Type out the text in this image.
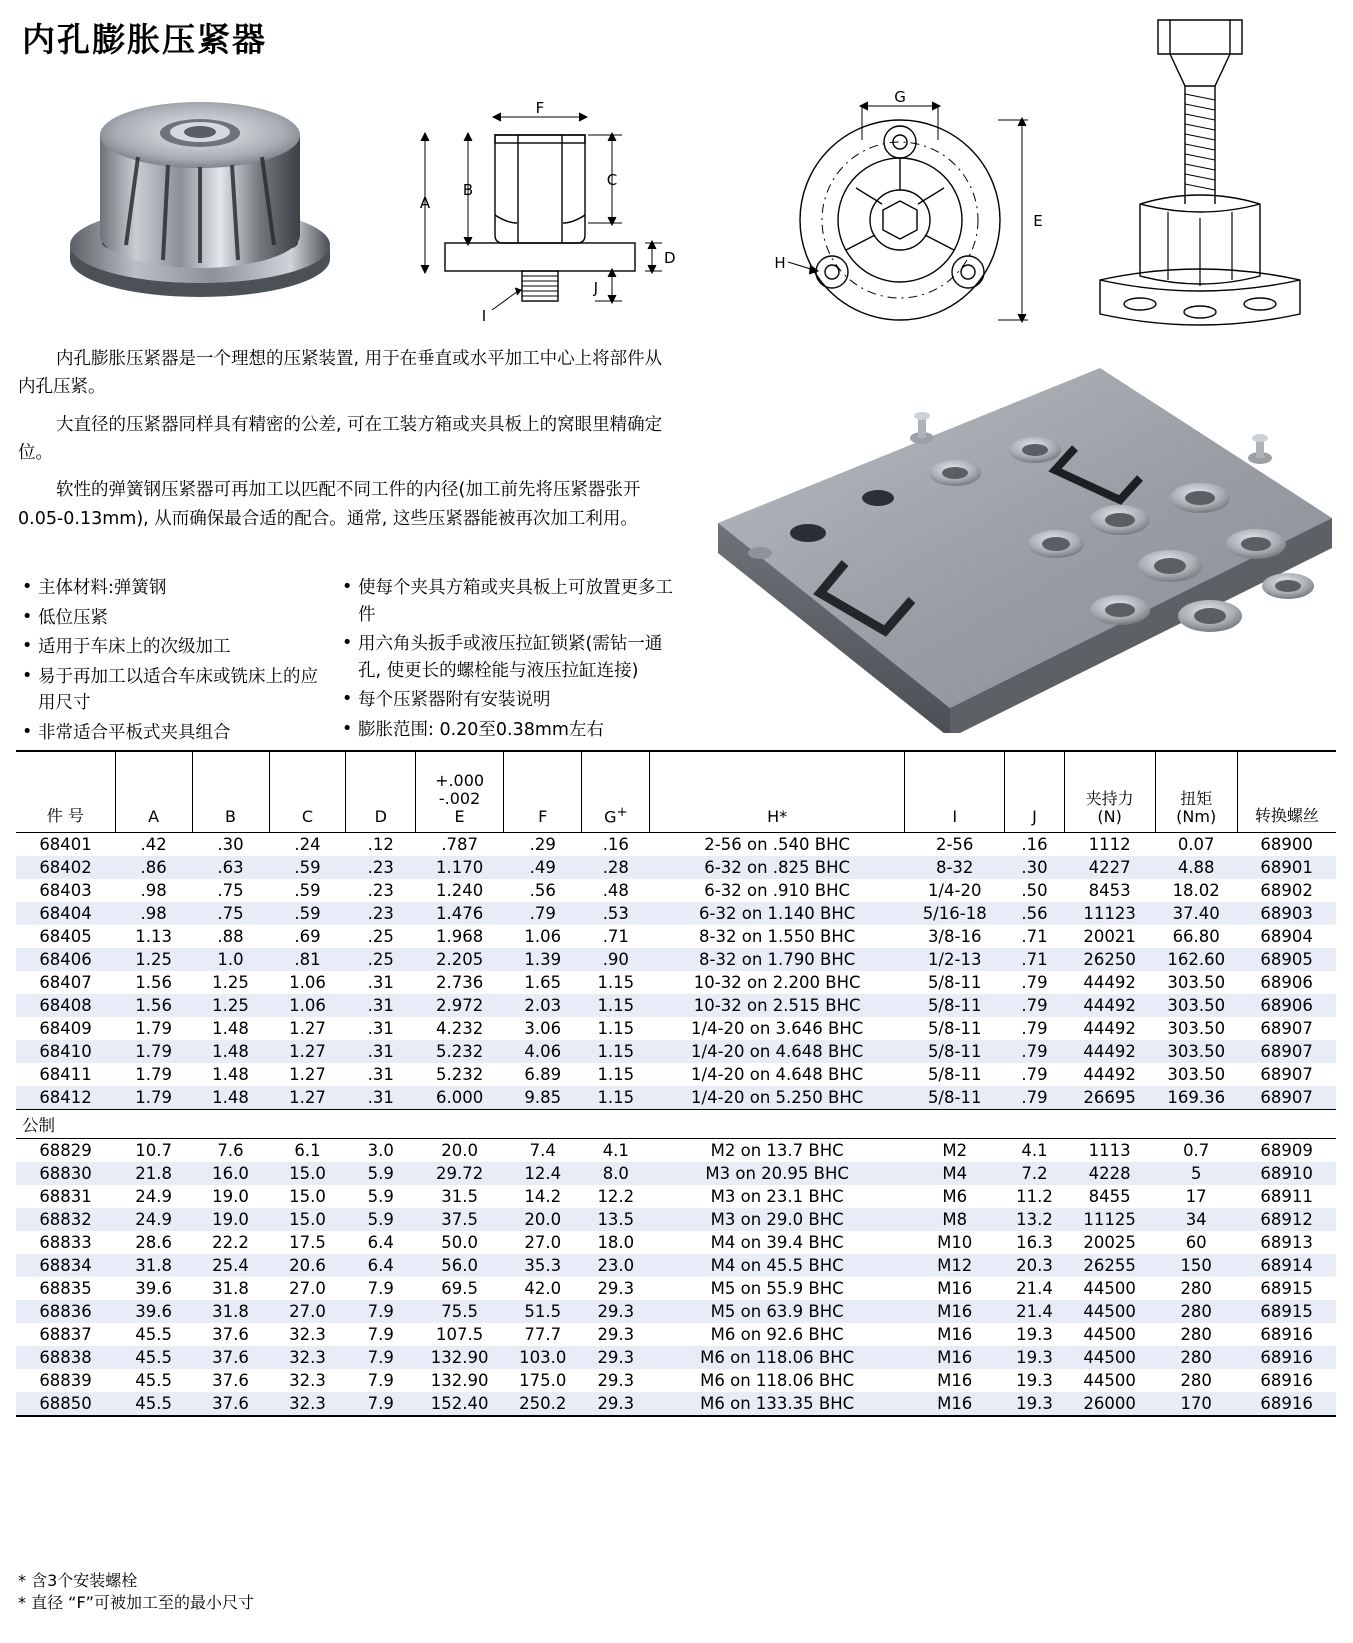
内孔膨胀压紧器
A
B
C
D
J
F
I
G
E
H

内孔膨胀压紧器是一个理想的压紧装置, 用于在垂直或水平加工中心上将部件从内孔压紧。

大直径的压紧器同样具有精密的公差, 可在工装方箱或夹具板上的窝眼里精确定位。

软性的弹簧钢压紧器可再加工以匹配不同工件的内径(加工前先将压紧器张开0.05-0.13mm), 从而确保最合适的配合。通常, 这些压紧器能被再次加工利用。

• 主体材料:弹簧钢
• 低位压紧
• 适用于车床上的次级加工
• 易于再加工以适合车床或铣床上的应用尺寸
• 非常适合平板式夹具组合
• 使每个夹具方箱或夹具板上可放置更多工件
• 用六角头扳手或液压拉缸锁紧(需钻一通孔, 使更长的螺栓能与液压拉缸连接)
• 每个压紧器附有安装说明
• 膨胀范围: 0.20至0.38mm左右
件 号	A	B	C	D	+.000
-.002
E	F	G+	H*	I	J	夹持力
(N)	扭矩
(Nm)	转换螺丝
68401	.42	.30	.24	.12	.787	.29	.16	2-56 on .540 BHC	2-56	.16	1112	0.07	68900
68402	.86	.63	.59	.23	1.170	.49	.28	6-32 on .825 BHC	8-32	.30	4227	4.88	68901
68403	.98	.75	.59	.23	1.240	.56	.48	6-32 on .910 BHC	1/4-20	.50	8453	18.02	68902
68404	.98	.75	.59	.23	1.476	.79	.53	6-32 on 1.140 BHC	5/16-18	.56	11123	37.40	68903
68405	1.13	.88	.69	.25	1.968	1.06	.71	8-32 on 1.550 BHC	3/8-16	.71	20021	66.80	68904
68406	1.25	1.0	.81	.25	2.205	1.39	.90	8-32 on 1.790 BHC	1/2-13	.71	26250	162.60	68905
68407	1.56	1.25	1.06	.31	2.736	1.65	1.15	10-32 on 2.200 BHC	5/8-11	.79	44492	303.50	68906
68408	1.56	1.25	1.06	.31	2.972	2.03	1.15	10-32 on 2.515 BHC	5/8-11	.79	44492	303.50	68906
68409	1.79	1.48	1.27	.31	4.232	3.06	1.15	1/4-20 on 3.646 BHC	5/8-11	.79	44492	303.50	68907
68410	1.79	1.48	1.27	.31	5.232	4.06	1.15	1/4-20 on 4.648 BHC	5/8-11	.79	44492	303.50	68907
68411	1.79	1.48	1.27	.31	5.232	6.89	1.15	1/4-20 on 4.648 BHC	5/8-11	.79	44492	303.50	68907
68412	1.79	1.48	1.27	.31	6.000	9.85	1.15	1/4-20 on 5.250 BHC	5/8-11	.79	26695	169.36	68907
公制													
68829	10.7	7.6	6.1	3.0	20.0	7.4	4.1	M2 on 13.7 BHC	M2	4.1	1113	0.7	68909
68830	21.8	16.0	15.0	5.9	29.72	12.4	8.0	M3 on 20.95 BHC	M4	7.2	4228	5	68910
68831	24.9	19.0	15.0	5.9	31.5	14.2	12.2	M3 on 23.1 BHC	M6	11.2	8455	17	68911
68832	24.9	19.0	15.0	5.9	37.5	20.0	13.5	M3 on 29.0 BHC	M8	13.2	11125	34	68912
68833	28.6	22.2	17.5	6.4	50.0	27.0	18.0	M4 on 39.4 BHC	M10	16.3	20025	60	68913
68834	31.8	25.4	20.6	6.4	56.0	35.3	23.0	M4 on 45.5 BHC	M12	20.3	26255	150	68914
68835	39.6	31.8	27.0	7.9	69.5	42.0	29.3	M5 on 55.9 BHC	M16	21.4	44500	280	68915
68836	39.6	31.8	27.0	7.9	75.5	51.5	29.3	M5 on 63.9 BHC	M16	21.4	44500	280	68915
68837	45.5	37.6	32.3	7.9	107.5	77.7	29.3	M6 on 92.6 BHC	M16	19.3	44500	280	68916
68838	45.5	37.6	32.3	7.9	132.90	103.0	29.3	M6 on 118.06 BHC	M16	19.3	44500	280	68916
68839	45.5	37.6	32.3	7.9	132.90	175.0	29.3	M6 on 118.06 BHC	M16	19.3	44500	280	68916
68850	45.5	37.6	32.3	7.9	152.40	250.2	29.3	M6 on 133.35 BHC	M16	19.3	26000	170	68916
* 含3个安装螺栓
* 直径 “F”可被加工至的最小尺寸
